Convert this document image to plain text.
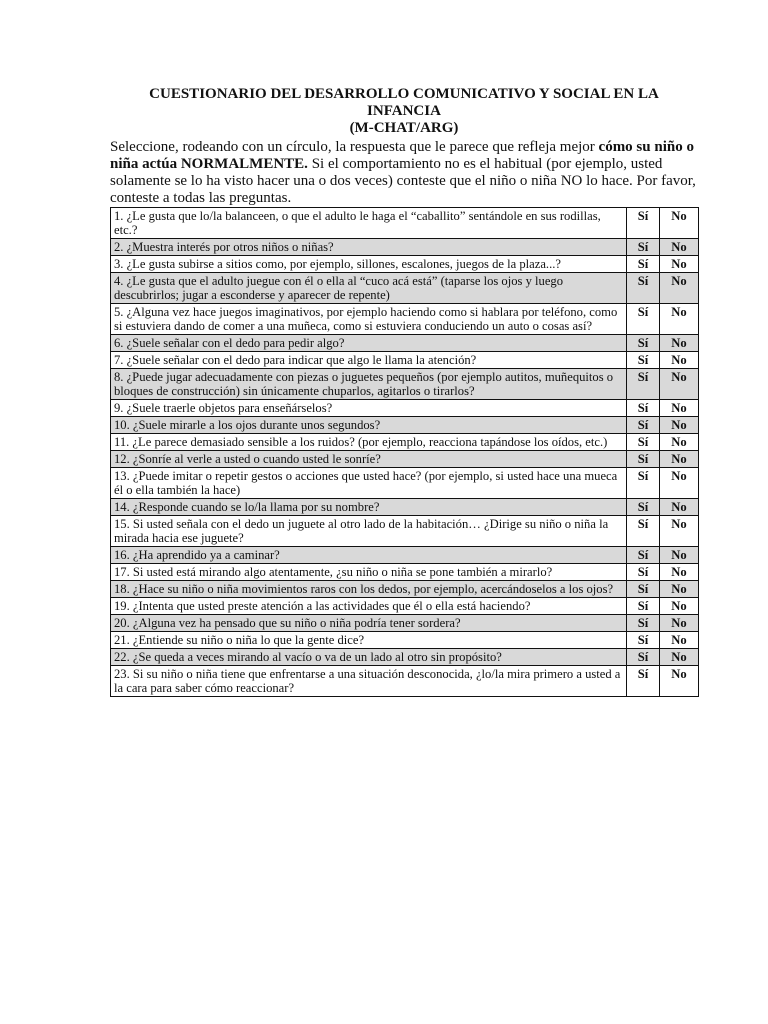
CUESTIONARIO DEL DESARROLLO COMUNICATIVO Y SOCIAL EN LA
INFANCIA
(M-CHAT/ARG)

Seleccione, rodeando con un círculo, la respuesta que le parece que refleja mejor cómo su niño o niña actúa NORMALMENTE. Si el comportamiento no es el habitual (por ejemplo, usted solamente se lo ha visto hacer una o dos veces) conteste que el niño o niña NO lo hace. Por favor, conteste a todas las preguntas.

1. ¿Le gusta que lo/la balanceen, o que el adulto le haga el “caballito” sentándole en sus rodillas, etc.?	Sí	No
2. ¿Muestra interés por otros niños o niñas?	Sí	No
3. ¿Le gusta subirse a sitios como, por ejemplo, sillones, escalones, juegos de la plaza...?	Sí	No
4. ¿Le gusta que el adulto juegue con él o ella al “cuco acá está” (taparse los ojos y luego descubrirlos; jugar a esconderse y aparecer de repente)	Sí	No
5. ¿Alguna vez hace juegos imaginativos, por ejemplo haciendo como si hablara por teléfono, como si estuviera dando de comer a una muñeca, como si estuviera conduciendo un auto o cosas así?	Sí	No
6. ¿Suele señalar con el dedo para pedir algo?	Sí	No
7. ¿Suele señalar con el dedo para indicar que algo le llama la atención?	Sí	No
8. ¿Puede jugar adecuadamente con piezas o juguetes pequeños (por ejemplo autitos, muñequitos o bloques de construcción) sin únicamente chuparlos, agitarlos o tirarlos?	Sí	No
9. ¿Suele traerle objetos para enseñárselos?	Sí	No
10. ¿Suele mirarle a los ojos durante unos segundos?	Sí	No
11. ¿Le parece demasiado sensible a los ruidos? (por ejemplo, reacciona tapándose los oídos, etc.)	Sí	No
12. ¿Sonríe al verle a usted o cuando usted le sonríe?	Sí	No
13. ¿Puede imitar o repetir gestos o acciones que usted hace? (por ejemplo, si usted hace una mueca él o ella también la hace)	Sí	No
14. ¿Responde cuando se lo/la llama por su nombre?	Sí	No
15. Si usted señala con el dedo un juguete al otro lado de la habitación… ¿Dirige su niño o niña la mirada hacia ese juguete?	Sí	No
16. ¿Ha aprendido ya a caminar?	Sí	No
17. Si usted está mirando algo atentamente, ¿su niño o niña se pone también a mirarlo?	Sí	No
18. ¿Hace su niño o niña movimientos raros con los dedos, por ejemplo, acercándoselos a los ojos?	Sí	No
19. ¿Intenta que usted preste atención a las actividades que él o ella está haciendo?	Sí	No
20. ¿Alguna vez ha pensado que su niño o niña podría tener sordera?	Sí	No
21. ¿Entiende su niño o niña lo que la gente dice?	Sí	No
22. ¿Se queda a veces mirando al vacío o va de un lado al otro sin propósito?	Sí	No
23. Si su niño o niña tiene que enfrentarse a una situación desconocida, ¿lo/la mira primero a usted a la cara para saber cómo reaccionar?	Sí	No
